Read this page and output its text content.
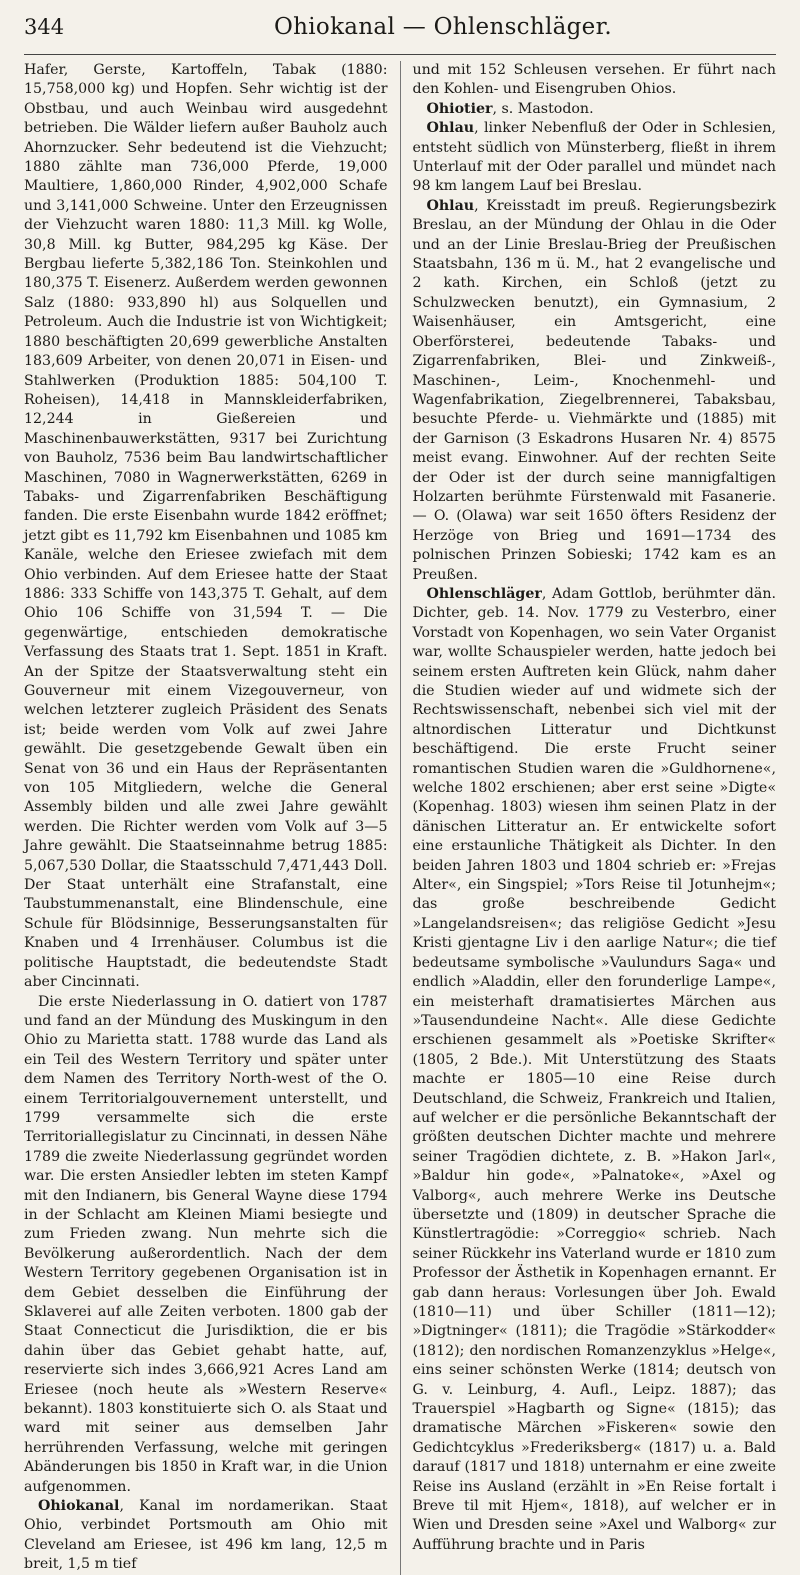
344	Ohiokanal — Ohlenschläger.

Hafer, Gerste, Kartoffeln, Tabak (1880: 15,758,000 kg) und Hopfen. Sehr wichtig ist der Obstbau, und auch Weinbau wird ausgedehnt betrieben. Die Wälder liefern außer Bauholz auch Ahornzucker. Sehr bedeutend ist die Viehzucht; 1880 zählte man 736,000 Pferde, 19,000 Maultiere, 1,860,000 Rinder, 4,902,000 Schafe und 3,141,000 Schweine. Unter den Erzeugnissen der Viehzucht waren 1880: 11,3 Mill. kg Wolle, 30,8 Mill. kg Butter, 984,295 kg Käse. Der Bergbau lieferte 5,382,186 Ton. Steinkohlen und 180,375 T. Eisenerz. Außerdem werden gewonnen Salz (1880: 933,890 hl) aus Solquellen und Petroleum. Auch die Industrie ist von Wichtigkeit; 1880 beschäftigten 20,699 gewerbliche Anstalten 183,609 Arbeiter, von denen 20,071 in Eisen- und Stahlwerken (Produktion 1885: 504,100 T. Roheisen), 14,418 in Mannskleiderfabriken, 12,244 in Gießereien und Maschinenbauwerkstätten, 9317 bei Zurichtung von Bauholz, 7536 beim Bau landwirtschaftlicher Maschinen, 7080 in Wagnerwerkstätten, 6269 in Tabaks- und Zigarrenfabriken Beschäftigung fanden. Die erste Eisenbahn wurde 1842 eröffnet; jetzt gibt es 11,792 km Eisenbahnen und 1085 km Kanäle, welche den Eriesee zwiefach mit dem Ohio verbinden. Auf dem Eriesee hatte der Staat 1886: 333 Schiffe von 143,375 T. Gehalt, auf dem Ohio 106 Schiffe von 31,594 T. — Die gegenwärtige, entschieden demokratische Verfassung des Staats trat 1. Sept. 1851 in Kraft. An der Spitze der Staatsverwaltung steht ein Gouverneur mit einem Vizegouverneur, von welchen letzterer zugleich Präsident des Senats ist; beide werden vom Volk auf zwei Jahre gewählt. Die gesetzgebende Gewalt üben ein Senat von 36 und ein Haus der Repräsentanten von 105 Mitgliedern, welche die General Assembly bilden und alle zwei Jahre gewählt werden. Die Richter werden vom Volk auf 3—5 Jahre gewählt. Die Staatseinnahme betrug 1885: 5,067,530 Dollar, die Staatsschuld 7,471,443 Doll. Der Staat unterhält eine Strafanstalt, eine Taubstummenanstalt, eine Blindenschule, eine Schule für Blödsinnige, Besserungsanstalten für Knaben und 4 Irrenhäuser. Columbus ist die politische Hauptstadt, die bedeutendste Stadt aber Cincinnati.

Die erste Niederlassung in O. datiert von 1787 und fand an der Mündung des Muskingum in den Ohio zu Marietta statt. 1788 wurde das Land als ein Teil des Western Territory und später unter dem Namen des Territory North-west of the O. einem Territorialgouvernement unterstellt, und 1799 versammelte sich die erste Territoriallegislatur zu Cincinnati, in dessen Nähe 1789 die zweite Niederlassung gegründet worden war. Die ersten Ansiedler lebten im steten Kampf mit den Indianern, bis General Wayne diese 1794 in der Schlacht am Kleinen Miami besiegte und zum Frieden zwang. Nun mehrte sich die Bevölkerung außerordentlich. Nach der dem Western Territory gegebenen Organisation ist in dem Gebiet desselben die Einführung der Sklaverei auf alle Zeiten verboten. 1800 gab der Staat Connecticut die Jurisdiktion, die er bis dahin über das Gebiet gehabt hatte, auf, reservierte sich indes 3,666,921 Acres Land am Eriesee (noch heute als »Western Reserve« bekannt). 1803 konstituierte sich O. als Staat und ward mit seiner aus demselben Jahr herrührenden Verfassung, welche mit geringen Abänderungen bis 1850 in Kraft war, in die Union aufgenommen.

Ohiokanal, Kanal im nordamerikan. Staat Ohio, verbindet Portsmouth am Ohio mit Cleveland am Eriesee, ist 496 km lang, 12,5 m breit, 1,5 m tief

und mit 152 Schleusen versehen. Er führt nach den Kohlen- und Eisengruben Ohios.

Ohiotier, s. Mastodon.

Ohlau, linker Nebenfluß der Oder in Schlesien, entsteht südlich von Münsterberg, fließt in ihrem Unterlauf mit der Oder parallel und mündet nach 98 km langem Lauf bei Breslau.

Ohlau, Kreisstadt im preuß. Regierungsbezirk Breslau, an der Mündung der Ohlau in die Oder und an der Linie Breslau-Brieg der Preußischen Staatsbahn, 136 m ü. M., hat 2 evangelische und 2 kath. Kirchen, ein Schloß (jetzt zu Schulzwecken benutzt), ein Gymnasium, 2 Waisenhäuser, ein Amtsgericht, eine Oberförsterei, bedeutende Tabaks- und Zigarrenfabriken, Blei- und Zinkweiß-, Maschinen-, Leim-, Knochenmehl- und Wagenfabrikation, Ziegelbrennerei, Tabaksbau, besuchte Pferde- u. Viehmärkte und (1885) mit der Garnison (3 Eskadrons Husaren Nr. 4) 8575 meist evang. Einwohner. Auf der rechten Seite der Oder ist der durch seine mannigfaltigen Holzarten berühmte Fürstenwald mit Fasanerie. — O. (Olawa) war seit 1650 öfters Residenz der Herzöge von Brieg und 1691—1734 des polnischen Prinzen Sobieski; 1742 kam es an Preußen.

Ohlenschläger, Adam Gottlob, berühmter dän. Dichter, geb. 14. Nov. 1779 zu Vesterbro, einer Vorstadt von Kopenhagen, wo sein Vater Organist war, wollte Schauspieler werden, hatte jedoch bei seinem ersten Auftreten kein Glück, nahm daher die Studien wieder auf und widmete sich der Rechtswissenschaft, nebenbei sich viel mit der altnordischen Litteratur und Dichtkunst beschäftigend. Die erste Frucht seiner romantischen Studien waren die »Guldhornene«, welche 1802 erschienen; aber erst seine »Digte« (Kopenhag. 1803) wiesen ihm seinen Platz in der dänischen Litteratur an. Er entwickelte sofort eine erstaunliche Thätigkeit als Dichter. In den beiden Jahren 1803 und 1804 schrieb er: »Frejas Alter«, ein Singspiel; »Tors Reise til Jotunhejm«; das große beschreibende Gedicht »Langelandsreisen«; das religiöse Gedicht »Jesu Kristi gjentagne Liv i den aarlige Natur«; die tief bedeutsame symbolische »Vaulundurs Saga« und endlich »Aladdin, eller den forunderlige Lampe«, ein meisterhaft dramatisiertes Märchen aus »Tausendundeine Nacht«. Alle diese Gedichte erschienen gesammelt als »Poetiske Skrifter« (1805, 2 Bde.). Mit Unterstützung des Staats machte er 1805—10 eine Reise durch Deutschland, die Schweiz, Frankreich und Italien, auf welcher er die persönliche Bekanntschaft der größten deutschen Dichter machte und mehrere seiner Tragödien dichtete, z. B. »Hakon Jarl«, »Baldur hin gode«, »Palnatoke«, »Axel og Valborg«, auch mehrere Werke ins Deutsche übersetzte und (1809) in deutscher Sprache die Künstlertragödie: »Correggio« schrieb. Nach seiner Rückkehr ins Vaterland wurde er 1810 zum Professor der Ästhetik in Kopenhagen ernannt. Er gab dann heraus: Vorlesungen über Joh. Ewald (1810—11) und über Schiller (1811—12); »Digtninger« (1811); die Tragödie »Stärkodder« (1812); den nordischen Romanzenzyklus »Helge«, eins seiner schönsten Werke (1814; deutsch von G. v. Leinburg, 4. Aufl., Leipz. 1887); das Trauerspiel »Hagbarth og Signe« (1815); das dramatische Märchen »Fiskeren« sowie den Gedichtcyklus »Frederiksberg« (1817) u. a. Bald darauf (1817 und 1818) unternahm er eine zweite Reise ins Ausland (erzählt in »En Reise fortalt i Breve til mit Hjem«, 1818), auf welcher er in Wien und Dresden seine »Axel und Walborg« zur Aufführung brachte und in Paris
